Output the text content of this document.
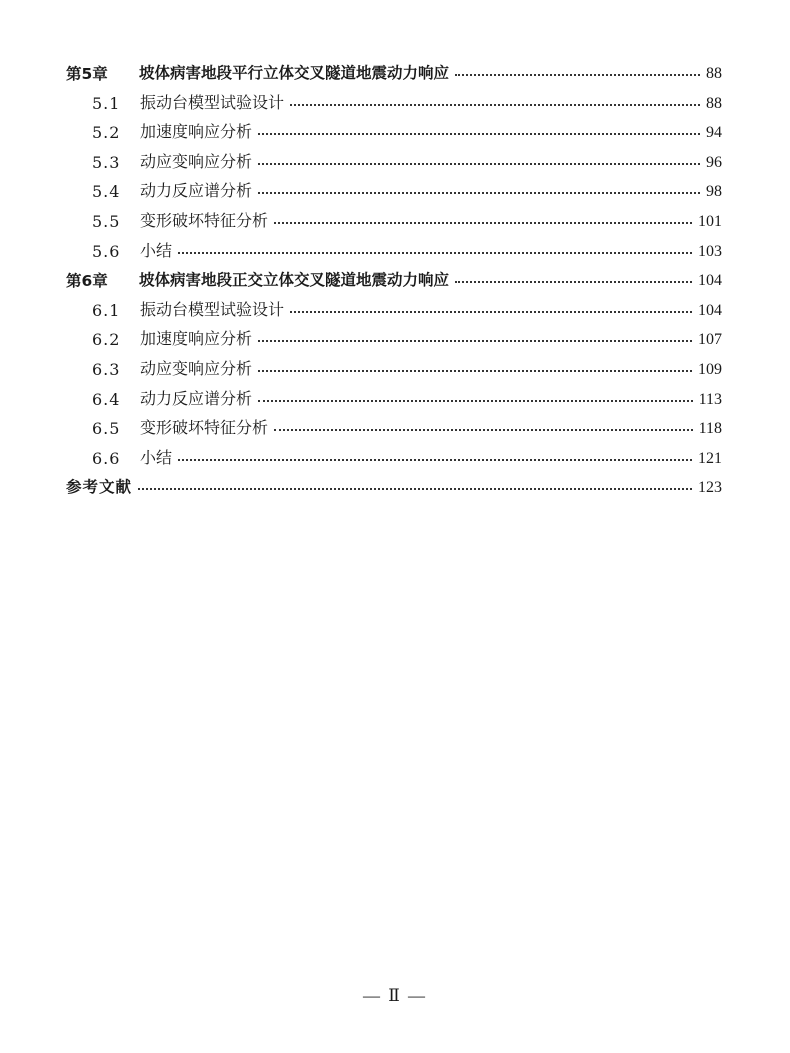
第5章 坡体病害地段平行立体交叉隧道地震动力响应	88
5.1 振动台模型试验设计	88
5.2 加速度响应分析	94
5.3 动应变响应分析	96
5.4 动力反应谱分析	98
5.5 变形破坏特征分析	101
5.6 小结	103
第6章 坡体病害地段正交立体交叉隧道地震动力响应	104
6.1 振动台模型试验设计	104
6.2 加速度响应分析	107
6.3 动应变响应分析	109
6.4 动力反应谱分析	113
6.5 变形破坏特征分析	118
6.6 小结	121
参考文献	123
— Ⅱ —
